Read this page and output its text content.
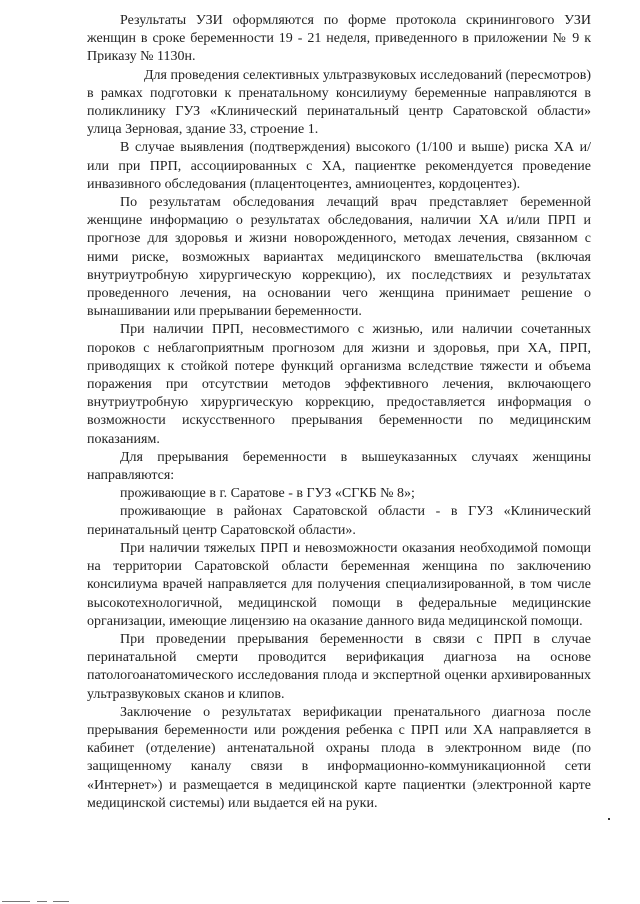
Результаты УЗИ оформляются по форме протокола скринингового УЗИ женщин в сроке беременности 19 - 21 неделя, приведенного в приложении № 9 к Приказу № 1130н.

Для проведения селективных ультразвуковых исследований (пересмотров) в рамках подготовки к пренатальному консилиуму беременные направляются в поликлинику ГУЗ «Клинический перинатальный центр Саратовской области» улица Зерновая, здание 33, строение 1.

В случае выявления (подтверждения) высокого (1/100 и выше) риска ХА и/или при ПРП, ассоциированных с ХА, пациентке рекомендуется проведение инвазивного обследования (плацентоцентез, амниоцентез, кордоцентез).

По результатам обследования лечащий врач представляет беременной женщине информацию о результатах обследования, наличии ХА и/или ПРП и прогнозе для здоровья и жизни новорожденного, методах лечения, связанном с ними риске, возможных вариантах медицинского вмешательства (включая внутриутробную хирургическую коррекцию), их последствиях и результатах проведенного лечения, на основании чего женщина принимает решение о вынашивании или прерывании беременности.

При наличии ПРП, несовместимого с жизнью, или наличии сочетанных пороков с неблагоприятным прогнозом для жизни и здоровья, при ХА, ПРП, приводящих к стойкой потере функций организма вследствие тяжести и объема поражения при отсутствии методов эффективного лечения, включающего внутриутробную хирургическую коррекцию, предоставляется информация о возможности искусственного прерывания беременности по медицинским показаниям.

Для прерывания беременности в вышеуказанных случаях женщины направляются:

проживающие в г. Саратове - в ГУЗ «СГКБ № 8»;

проживающие в районах Саратовской области - в ГУЗ «Клинический перинатальный центр Саратовской области».

При наличии тяжелых ПРП и невозможности оказания необходимой помощи на территории Саратовской области беременная женщина по заключению консилиума врачей направляется для получения специализированной, в том числе высокотехнологичной, медицинской помощи в федеральные медицинские организации, имеющие лицензию на оказание данного вида медицинской помощи.

При проведении прерывания беременности в связи с ПРП в случае перинатальной смерти проводится верификация диагноза на основе патологоанатомического исследования плода и экспертной оценки архивированных ультразвуковых сканов и клипов.

Заключение о результатах верификации пренатального диагноза после прерывания беременности или рождения ребенка с ПРП или ХА направляется в кабинет (отделение) антенатальной охраны плода в электронном виде (по защищенному каналу связи в информационно-коммуникационной сети «Интернет») и размещается в медицинской карте пациентки (электронной карте медицинской системы) или выдается ей на руки.
